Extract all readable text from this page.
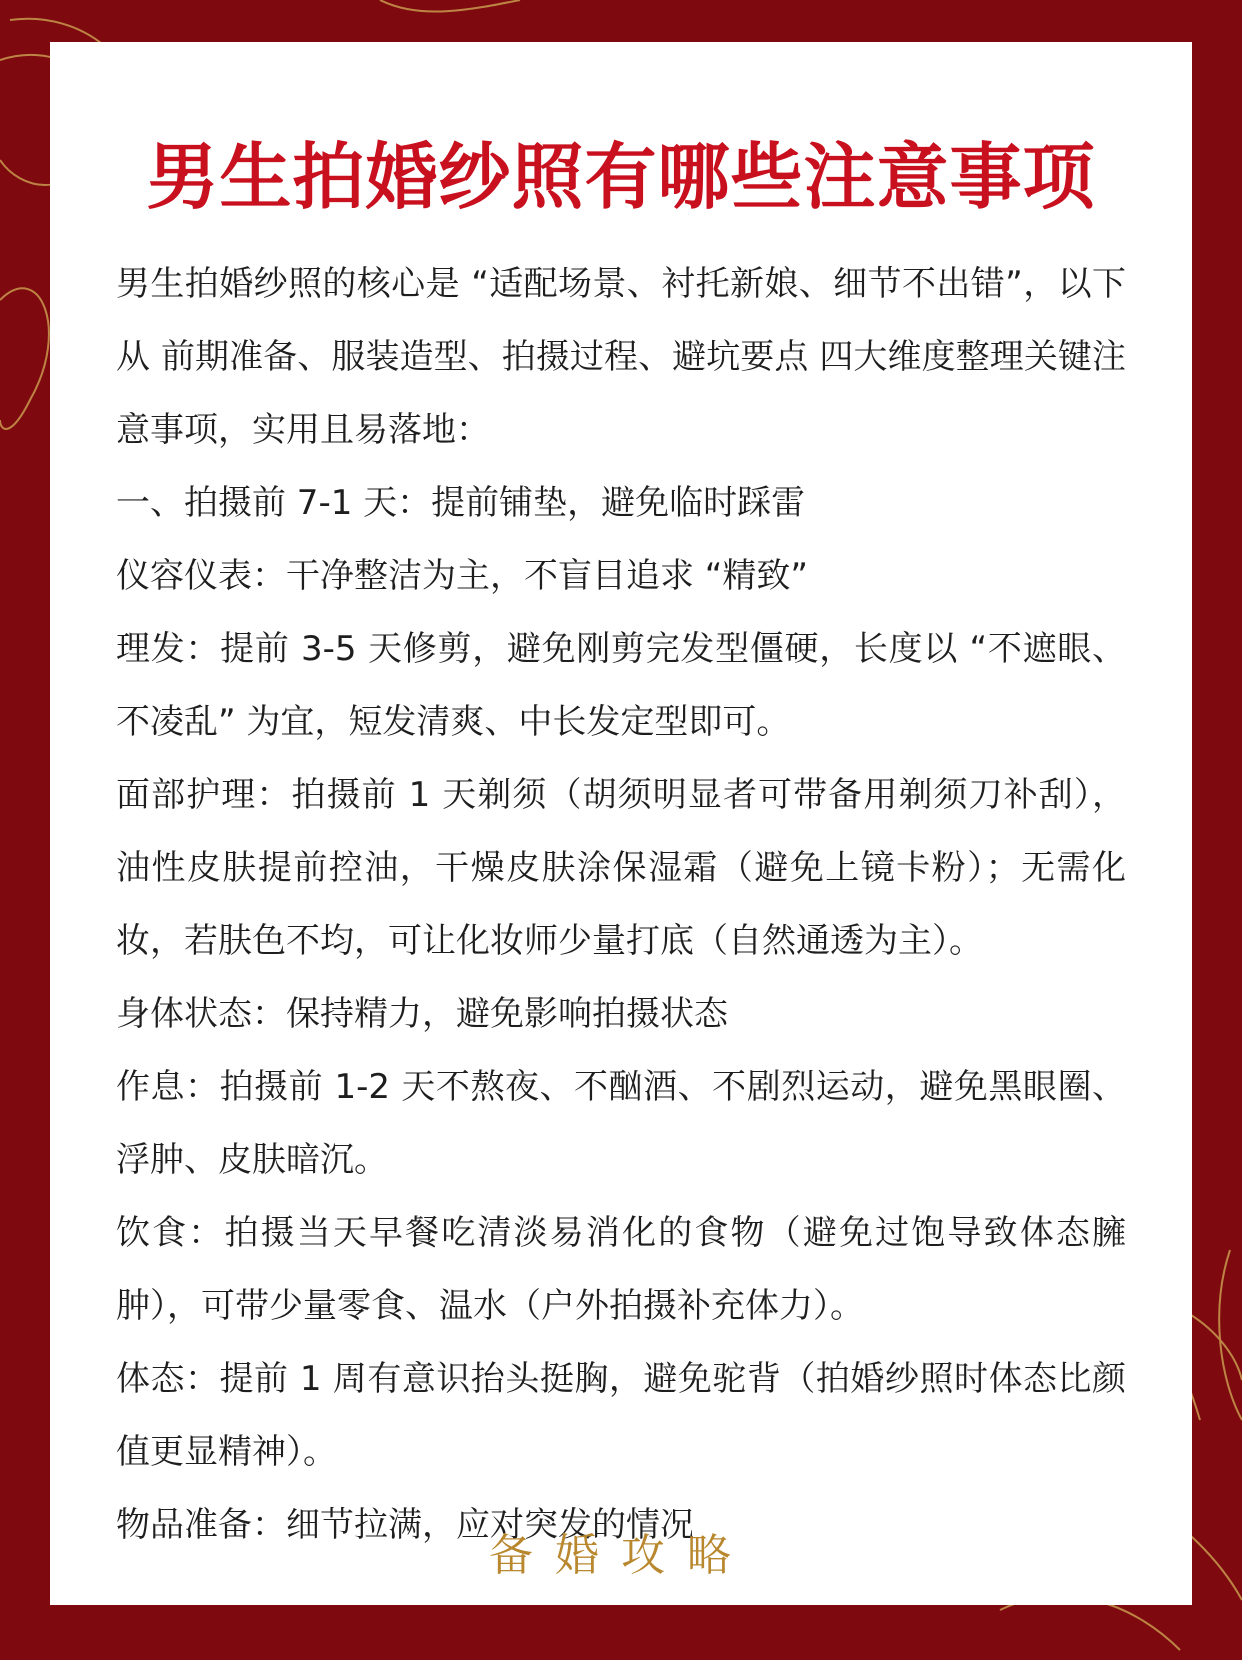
男生拍婚纱照有哪些注意事项

男生拍婚纱照的核心是 “适配场景、衬托新娘、细节不出错”，以下从 前期准备、服装造型、拍摄过程、避坑要点 四大维度整理关键注意事项，实用且易落地：

一、拍摄前 7-1 天：提前铺垫，避免临时踩雷

仪容仪表：干净整洁为主，不盲目追求 “精致”

理发：提前 3-5 天修剪，避免刚剪完发型僵硬，长度以 “不遮眼、不凌乱” 为宜，短发清爽、中长发定型即可。

面部护理：拍摄前 1 天剃须（胡须明显者可带备用剃须刀补刮），油性皮肤提前控油，干燥皮肤涂保湿霜（避免上镜卡粉）；无需化妆，若肤色不均，可让化妆师少量打底（自然通透为主）。

身体状态：保持精力，避免影响拍摄状态

作息：拍摄前 1-2 天不熬夜、不酗酒、不剧烈运动，避免黑眼圈、浮肿、皮肤暗沉。

饮食：拍摄当天早餐吃清淡易消化的食物（避免过饱导致体态臃肿），可带少量零食、温水（户外拍摄补充体力）。

体态：提前 1 周有意识抬头挺胸，避免驼背（拍婚纱照时体态比颜值更显精神）。

物品准备：细节拉满，应对突发的情况

备婚攻略
